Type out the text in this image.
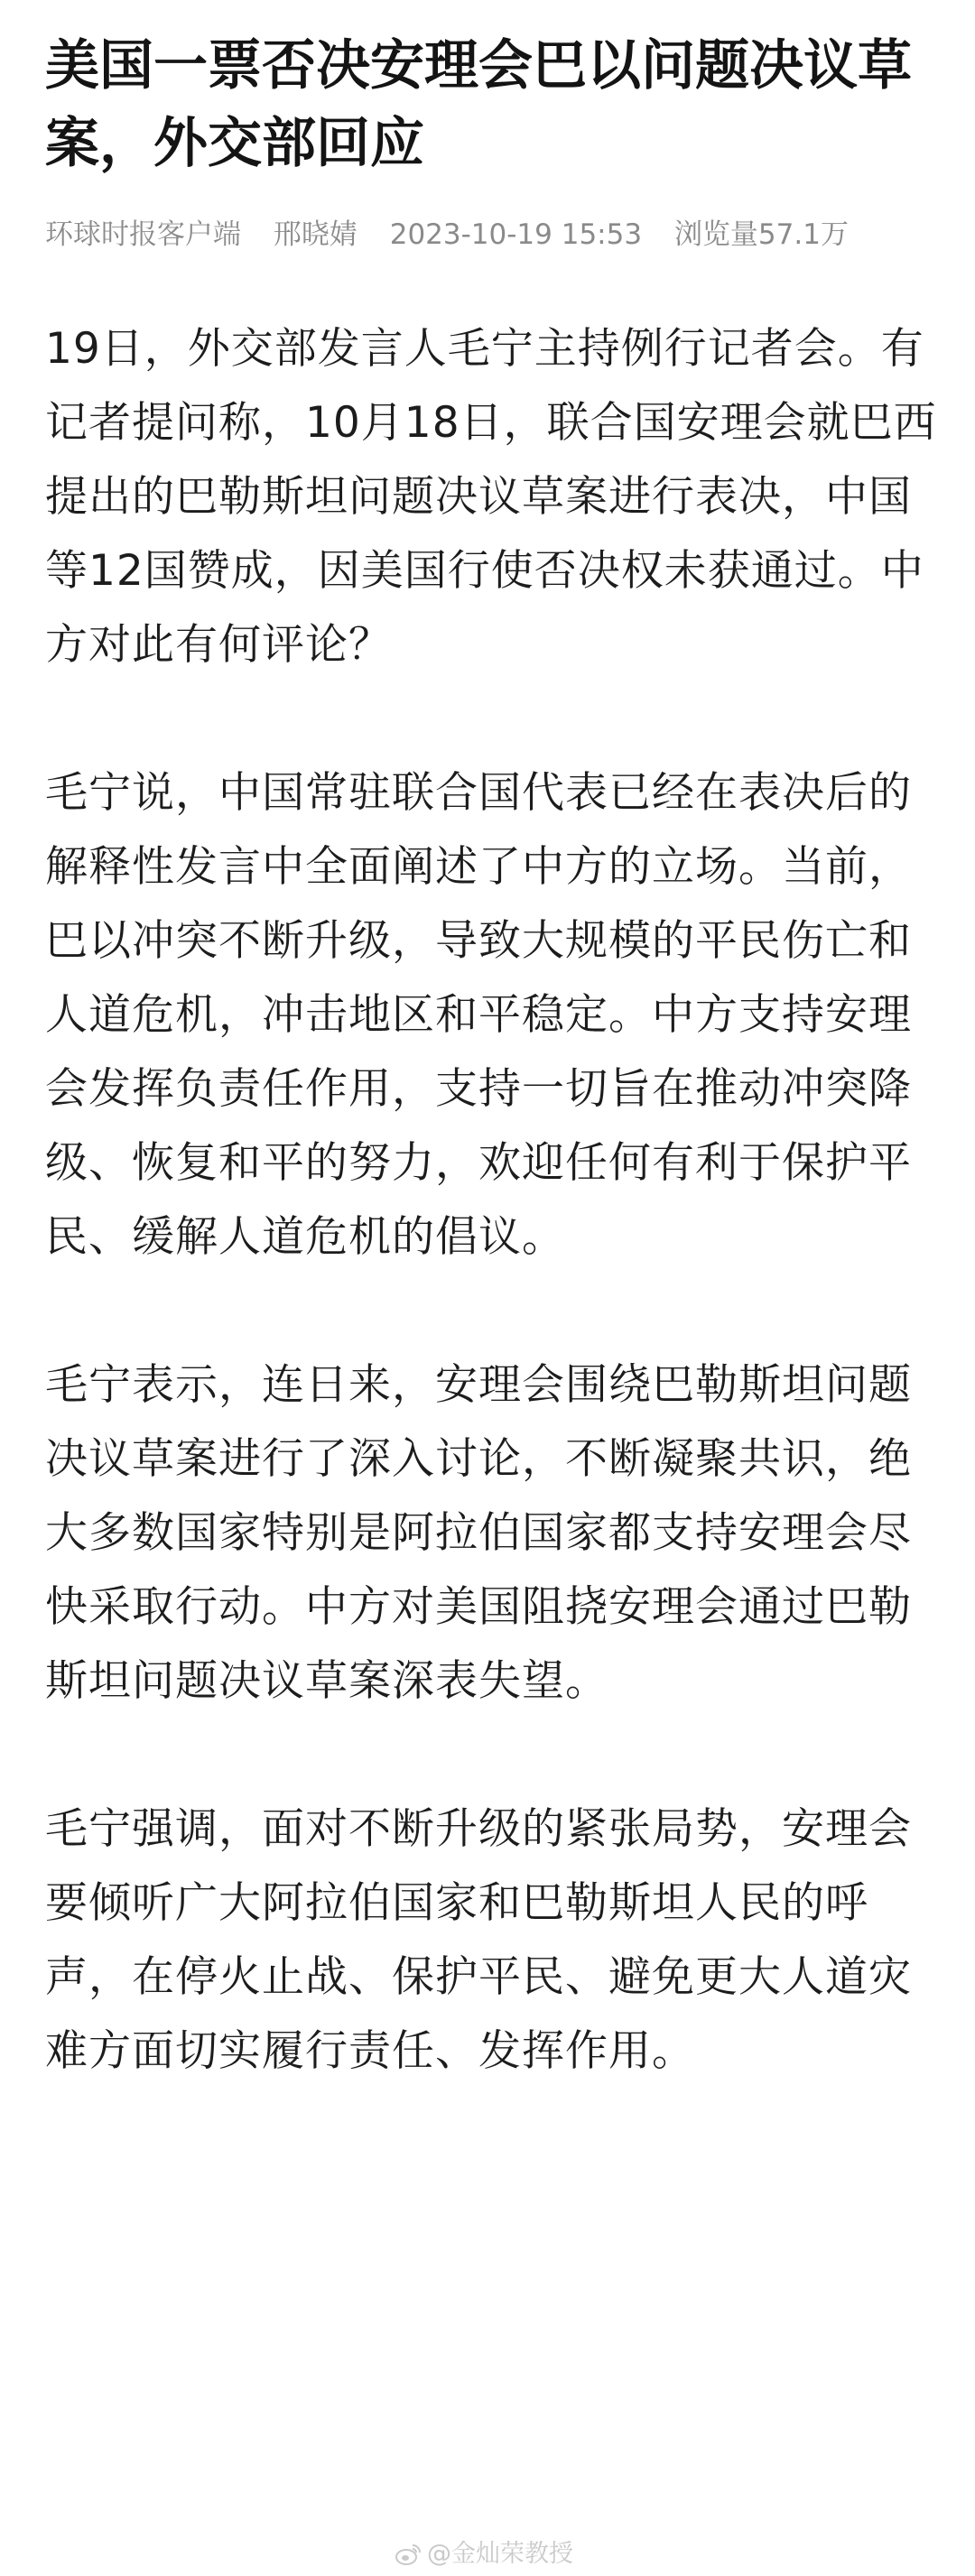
美国一票否决安理会巴以问题决议草案，外交部回应
环球时报客户端 邢晓婧 2023-10-19 15:53 浏览量57.1万

19日，外交部发言人毛宁主持例行记者会。有记者提问称，10月18日，联合国安理会就巴西提出的巴勒斯坦问题决议草案进行表决，中国等12国赞成，因美国行使否决权未获通过。中方对此有何评论？

毛宁说，中国常驻联合国代表已经在表决后的解释性发言中全面阐述了中方的立场。当前，巴以冲突不断升级，导致大规模的平民伤亡和人道危机，冲击地区和平稳定。中方支持安理会发挥负责任作用，支持一切旨在推动冲突降级、恢复和平的努力，欢迎任何有利于保护平民、缓解人道危机的倡议。

毛宁表示，连日来，安理会围绕巴勒斯坦问题决议草案进行了深入讨论，不断凝聚共识，绝大多数国家特别是阿拉伯国家都支持安理会尽快采取行动。中方对美国阻挠安理会通过巴勒斯坦问题决议草案深表失望。

毛宁强调，面对不断升级的紧张局势，安理会要倾听广大阿拉伯国家和巴勒斯坦人民的呼声，在停火止战、保护平民、避免更大人道灾难方面切实履行责任、发挥作用。

@金灿荣教授
